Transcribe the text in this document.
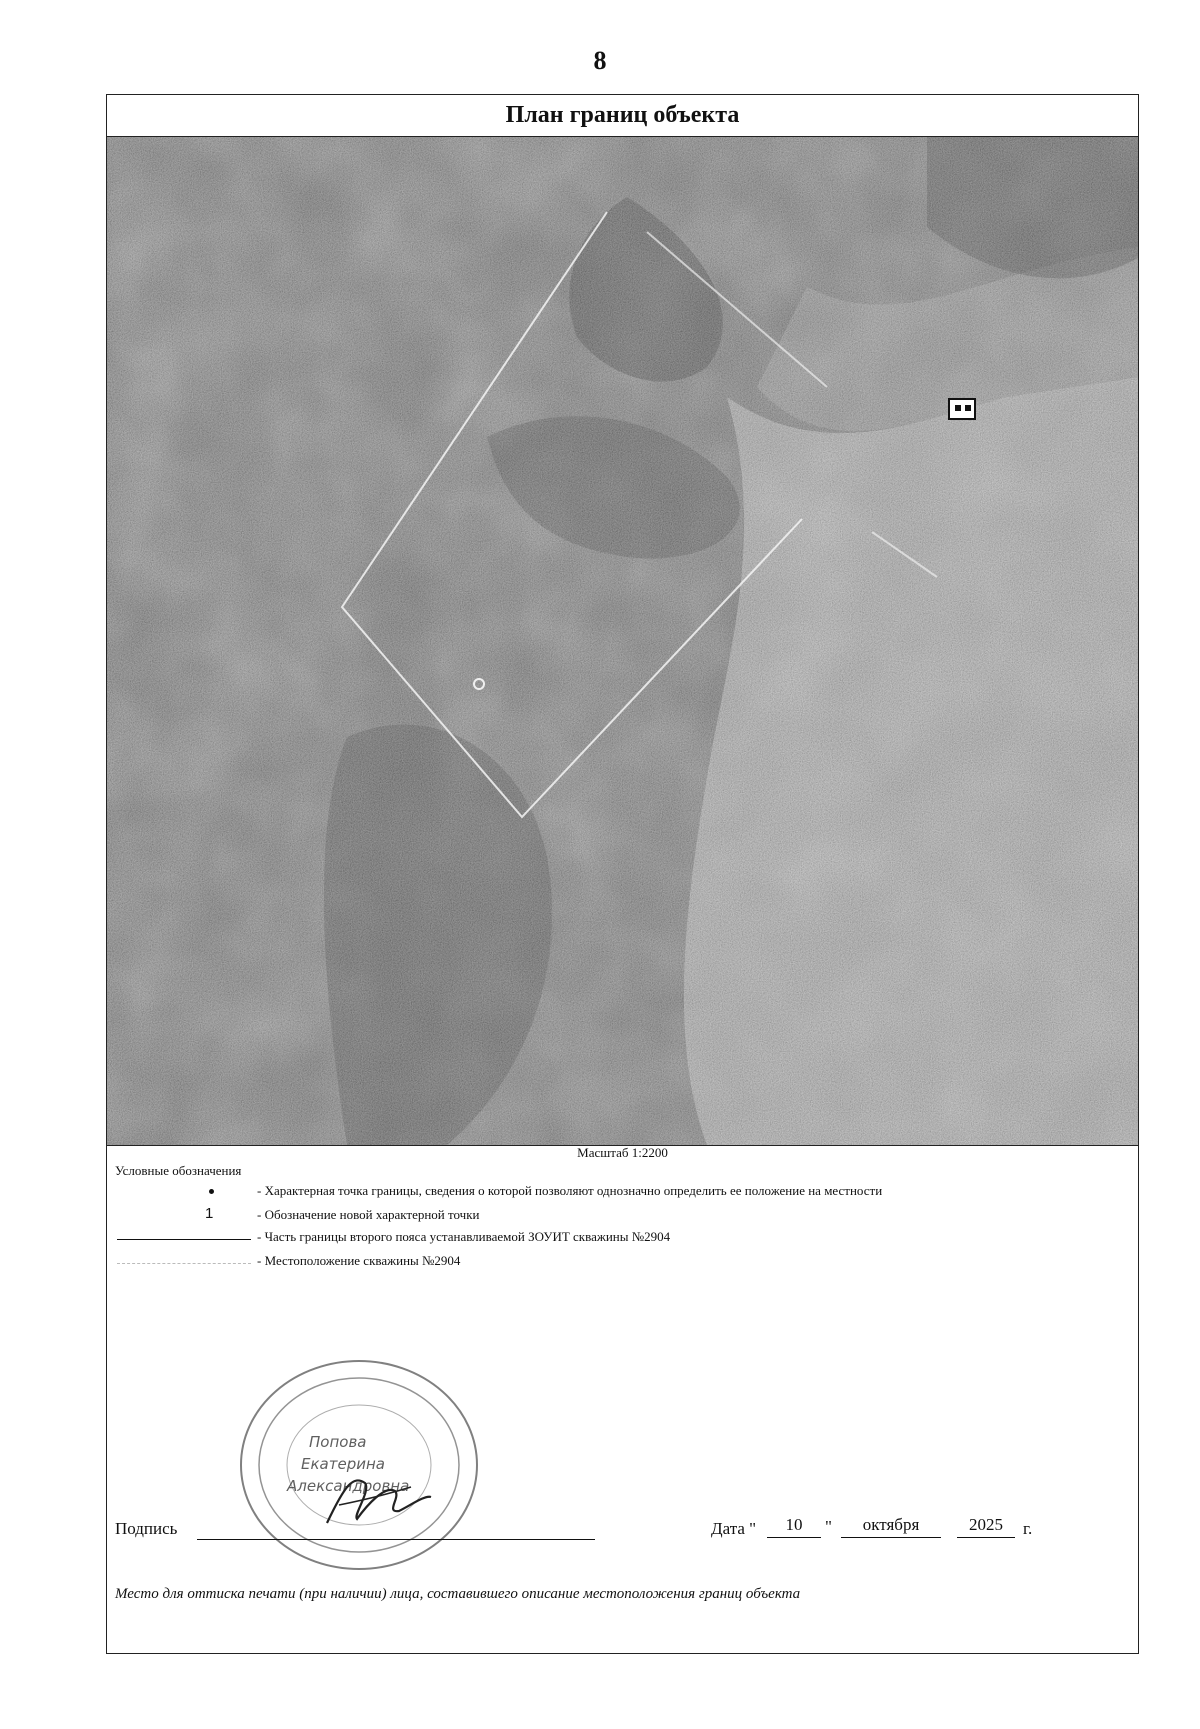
8
План границ объекта
Масштаб 1:2200
Условные обозначения
- Характерная точка границы, сведения о которой позволяют однозначно определить ее положение на местности
1	- Обозначение новой характерной точки
- Часть границы второго пояса устанавливаемой ЗОУИТ скважины №2904
- Местоположение скважины №2904
Попова
Екатерина
Александровна
Подпись	Дата "	10	"	октября	2025	г.
Место для оттиска печати (при наличии) лица, составившего описание местоположения границ объекта
